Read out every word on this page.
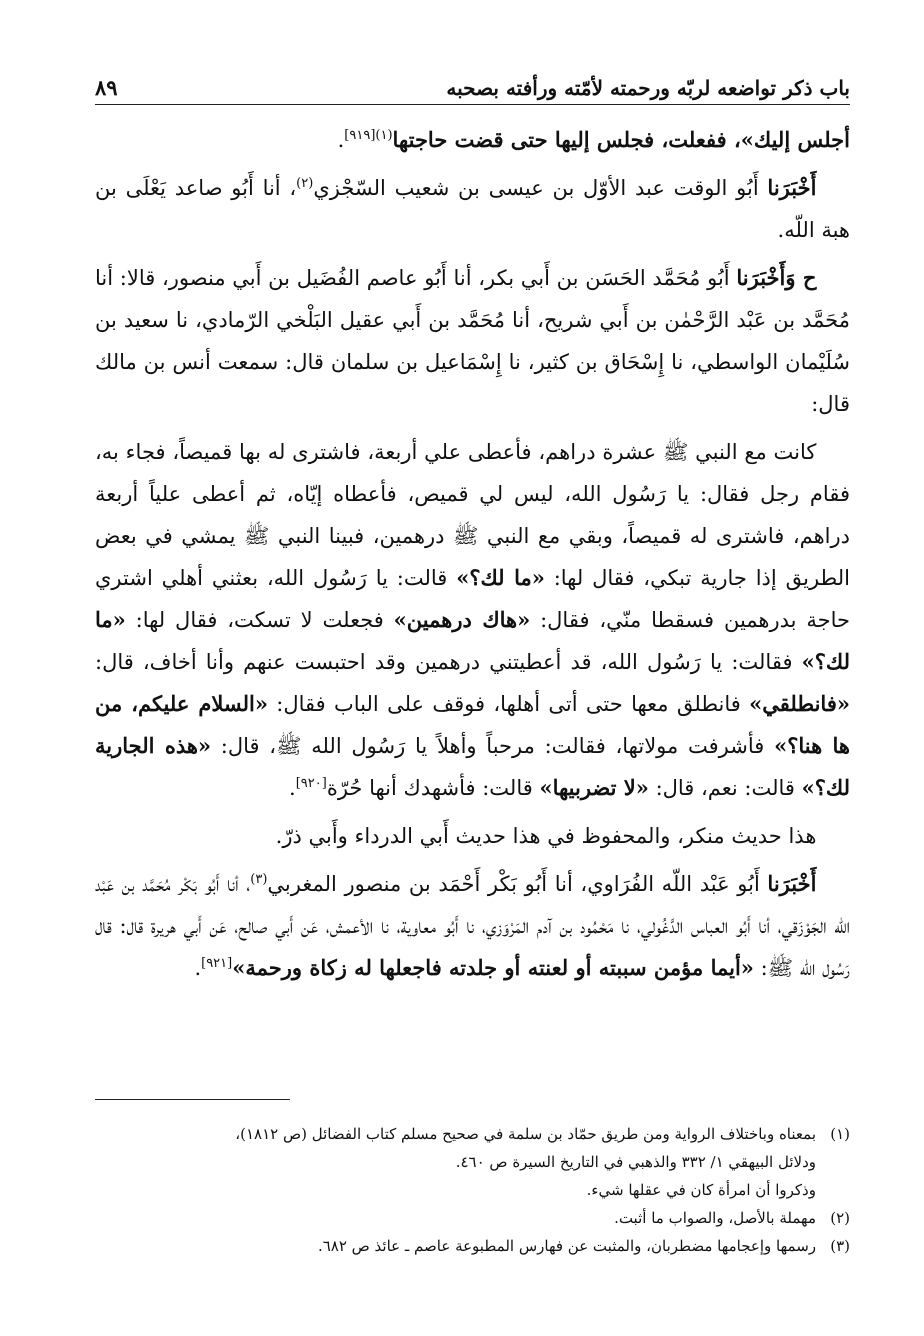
باب ذكر تواضعه لربّه ورحمته لأمّته ورأفته بصحبه
٨٩

أجلس إليك»، ففعلت، فجلس إليها حتى قضت حاجتها$^{(١)[٩١٩]}$.

أَخْبَرَنا أَبُو الوقت عبد الأوّل بن عيسى بن شعيب السّجْزي$^{(٢)}$، أنا أَبُو صاعد يَعْلَى بن هبة اللّه.

ح وَأَخْبَرَنا أَبُو مُحَمَّد الحَسَن بن أَبي بكر، أنا أَبُو عاصم الفُضَيل بن أَبي منصور، قالا: أنا مُحَمَّد بن عَبْد الرَّحْمٰن بن أَبي شريح، أنا مُحَمَّد بن أَبي عقيل البَلْخي الرّمادي، نا سعيد بن سُلَيْمان الواسطي، نا إِسْحَاق بن كثير، نا إِسْمَاعيل بن سلمان قال: سمعت أنس بن مالك قال:

كانت مع النبي ﷺ عشرة دراهم، فأعطى علي أربعة، فاشترى له بها قميصاً، فجاء به، فقام رجل فقال: يا رَسُول الله، ليس لي قميص، فأعطاه إيّاه، ثم أعطى علياً أربعة دراهم، فاشترى له قميصاً، وبقي مع النبي ﷺ درهمين، فبينا النبي ﷺ يمشي في بعض الطريق إذا جارية تبكي، فقال لها: «ما لك؟» قالت: يا رَسُول الله، بعثني أهلي اشتري حاجة بدرهمين فسقطا منّي، فقال: «هاك درهمين» فجعلت لا تسكت، فقال لها: «ما لك؟» فقالت: يا رَسُول الله، قد أعطيتني درهمين وقد احتبست عنهم وأنا أخاف، قال: «فانطلقي» فانطلق معها حتى أتى أهلها، فوقف على الباب فقال: «السلام عليكم، من ها هنا؟» فأشرفت مولاتها، فقالت: مرحباً وأهلاً يا رَسُول الله ﷺ، قال: «هذه الجارية لك؟» قالت: نعم، قال: «لا تضربيها» قالت: فأشهدك أنها حُرّة[٩٢٠].

هذا حديث منكر، والمحفوظ في هذا حديث أَبي الدرداء وأَبي ذرّ.

أَخْبَرَنا أَبُو عَبْد اللّه الفُرَاوي، أنا أَبُو بَكْر أَحْمَد بن منصور المغربي$^{(٣)}$، أنا أَبُو بَكْر مُحَمَّد بن عَبْد اللّه الجَوْزَقي، أنا أَبُو العباس الدَّغُولي، نا مَحْمُود بن آدم المَرْوَزي، نا أَبُو معاوية، نا الأعمش، عَن أَبي صالح، عَن أَبي هريرة قال: قال رَسُول الله ﷺ: «أيما مؤمن سببته أو لعنته أو جلدته فاجعلها له زكاة ورحمة»[٩٢١].

(١)
بمعناه وباختلاف الرواية ومن طريق حمّاد بن سلمة في صحيح مسلم كتاب الفضائل (ص ١٨١٢)،
ودلائل البيهقي ١/ ٣٣٢ والذهبي في التاريخ السيرة ص ٤٦٠.
وذكروا أن امرأة كان في عقلها شيء.
(٢)
مهملة بالأصل، والصواب ما أثبت.
(٣)
رسمها وإعجامها مضطربان، والمثبت عن فهارس المطبوعة عاصم ـ عائذ ص ٦٨٢.
